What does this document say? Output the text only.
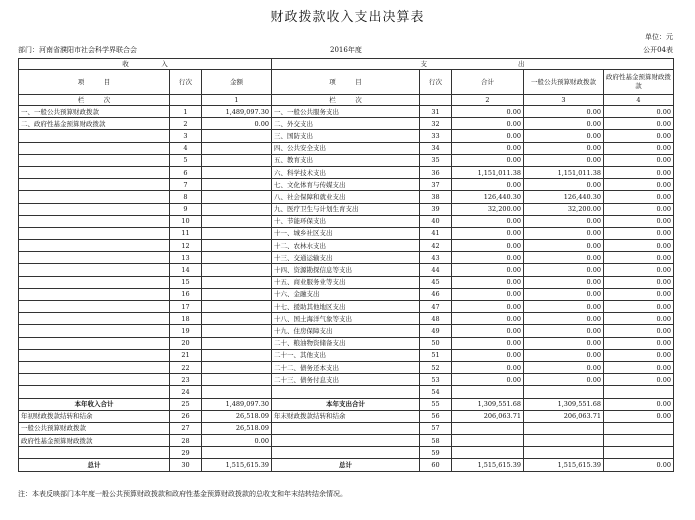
财政拨款收入支出决算表
单位：元
部门：河南省濮阳市社会科学界联合会	2016年度	公开04表
收　　　　　入			支　　　　　　　　　　　　　　出				
项　　　目	行次	金额	项　　　目	行次	合计	一般公共预算财政拨款	政府性基金预算财政拨款
栏　　　次		1	栏　　　次		2	3	4
一、一般公共预算财政拨款	1	1,489,097.30	一、一般公共服务支出	31	0.00	0.00	0.00
二、政府性基金预算财政拨款	2	0.00	二、外交支出	32	0.00	0.00	0.00
	3		三、国防支出	33	0.00	0.00	0.00
	4		四、公共安全支出	34	0.00	0.00	0.00
	5		五、教育支出	35	0.00	0.00	0.00
	6		六、科学技术支出	36	1,151,011.38	1,151,011.38	0.00
	7		七、文化体育与传媒支出	37	0.00	0.00	0.00
	8		八、社会保障和就业支出	38	126,440.30	126,440.30	0.00
	9		九、医疗卫生与计划生育支出	39	32,200.00	32,200.00	0.00
	10		十、节能环保支出	40	0.00	0.00	0.00
	11		十一、城乡社区支出	41	0.00	0.00	0.00
	12		十二、农林水支出	42	0.00	0.00	0.00
	13		十三、交通运输支出	43	0.00	0.00	0.00
	14		十四、资源勘探信息等支出	44	0.00	0.00	0.00
	15		十五、商业服务业等支出	45	0.00	0.00	0.00
	16		十六、金融支出	46	0.00	0.00	0.00
	17		十七、援助其他地区支出	47	0.00	0.00	0.00
	18		十八、国土海洋气象等支出	48	0.00	0.00	0.00
	19		十九、住房保障支出	49	0.00	0.00	0.00
	20		二十、粮油物资储备支出	50	0.00	0.00	0.00
	21		二十一、其他支出	51	0.00	0.00	0.00
	22		二十二、债务还本支出	52	0.00	0.00	0.00
	23		二十三、债务付息支出	53	0.00	0.00	0.00
	24			54			
本年收入合计	25	1,489,097.30	本年支出合计	55	1,309,551.68	1,309,551.68	0.00
年初财政拨款结转和结余	26	26,518.09	年末财政拨款结转和结余	56	206,063.71	206,063.71	0.00
一般公共预算财政拨款	27	26,518.09		57			
政府性基金预算财政拨款	28	0.00		58			
	29			59			
总计	30	1,515,615.39	总计	60	1,515,615.39	1,515,615.39	0.00
注：本表反映部门本年度一般公共预算财政拨款和政府性基金预算财政拨款的总收支和年末结转结余情况。
